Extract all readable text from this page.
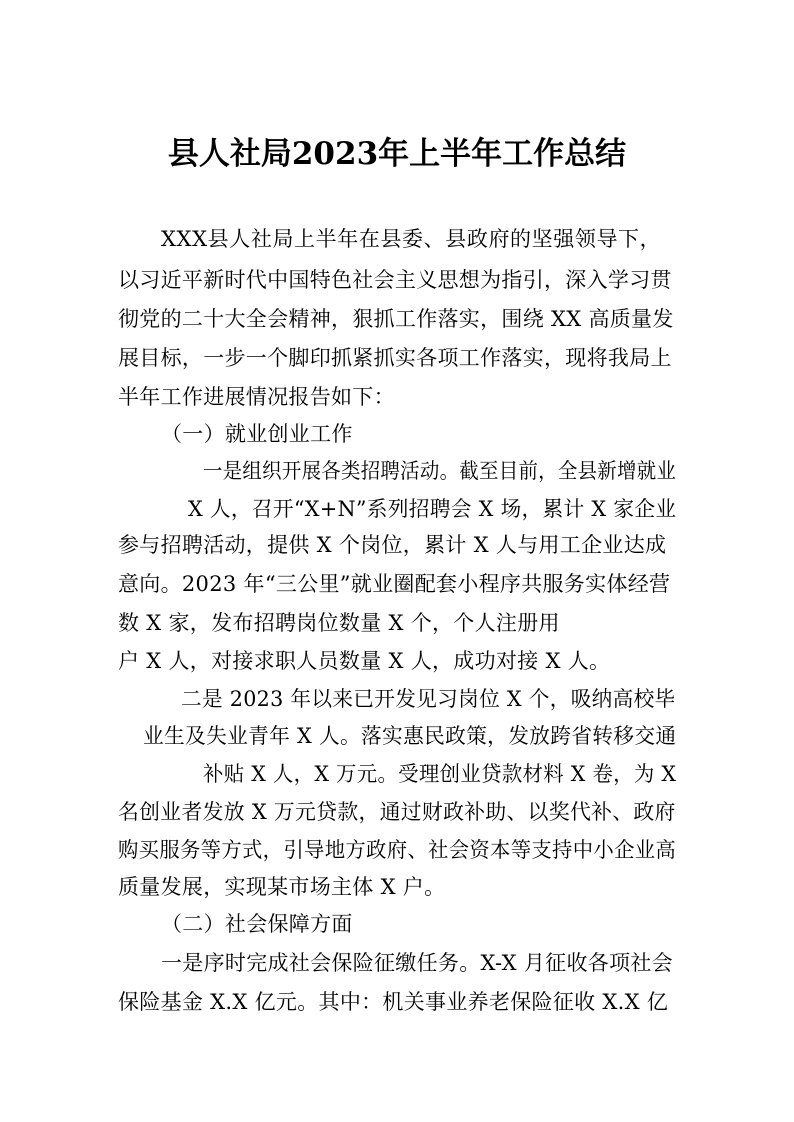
县人社局2023年上半年工作总结
XXX县人社局上半年在县委、县政府的坚强领导下，
以习近平新时代中国特色社会主义思想为指引，深入学习贯
彻党的二十大全会精神，狠抓工作落实，围绕 XX 高质量发
展目标，一步一个脚印抓紧抓实各项工作落实，现将我局上
半年工作进展情况报告如下：
（一）就业创业工作
一是组织开展各类招聘活动。截至目前，全县新增就业
X 人，召开“X+N”系列招聘会 X 场，累计 X 家企业
参与招聘活动，提供 X 个岗位，累计 X 人与用工企业达成
意向。2023 年“三公里”就业圈配套小程序共服务实体经营
数 X 家，发布招聘岗位数量 X 个，个人注册用
户 X 人，对接求职人员数量 X 人，成功对接 X 人。
二是 2023 年以来已开发见习岗位 X 个，吸纳高校毕
业生及失业青年 X 人。落实惠民政策，发放跨省转移交通
补贴 X 人，X 万元。受理创业贷款材料 X 卷，为 X
名创业者发放 X 万元贷款，通过财政补助、以奖代补、政府
购买服务等方式，引导地方政府、社会资本等支持中小企业高
质量发展，实现某市场主体 X 户。
（二）社会保障方面
一是序时完成社会保险征缴任务。X-X 月征收各项社会
保险基金 X.X 亿元。其中：机关事业养老保险征收 X.X 亿
